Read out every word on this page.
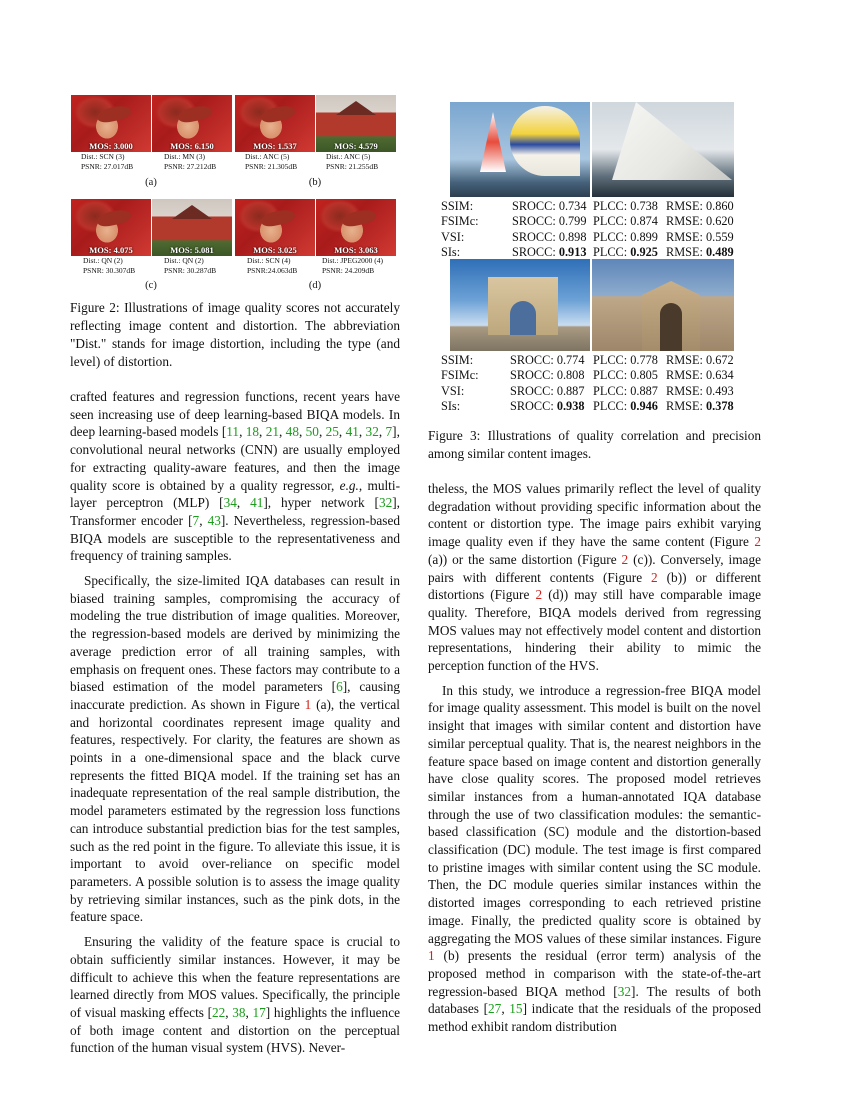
MOS: 3.000
Dist.: SCN (3)
PSNR: 27.017dB
MOS: 6.150
Dist.: MN (3)
PSNR: 27.212dB
MOS: 1.537
Dist.: ANC (5)
PSNR: 21.305dB
MOS: 4.579
Dist.: ANC (5)
PSNR: 21.255dB
(a)	(b)
MOS: 4.075
Dist.: QN (2)
PSNR: 30.307dB
MOS: 5.081
Dist.: QN (2)
PSNR: 30.287dB
MOS: 3.025
Dist.: SCN (4)
PSNR:24.063dB
MOS: 3.063
Dist.: JPEG2000 (4)
PSNR: 24.209dB
(c)	(d)
Figure 2: Illustrations of image quality scores not accurately reflecting image content and distortion. The abbreviation "Dist." stands for image distortion, including the type (and level) of distortion.

crafted features and regression functions, recent years have seen increasing use of deep learning-based BIQA models. In deep learning-based models [11, 18, 21, 48, 50, 25, 41, 32, 7], convolutional neural networks (CNN) are usually employed for extracting quality-aware features, and then the image quality score is obtained by a quality regressor, e.g., multi-layer perceptron (MLP) [34, 41], hyper network [32], Transformer encoder [7, 43]. Nevertheless, regression-based BIQA models are susceptible to the representativeness and frequency of training samples.

Specifically, the size-limited IQA databases can result in biased training samples, compromising the accuracy of modeling the true distribution of image qualities. Moreover, the regression-based models are derived by minimizing the average prediction error of all training samples, with emphasis on frequent ones. These factors may contribute to a biased estimation of the model parameters [6], causing inaccurate prediction. As shown in Figure 1 (a), the vertical and horizontal coordinates represent image quality and features, respectively. For clarity, the features are shown as points in a one-dimensional space and the black curve represents the fitted BIQA model. If the training set has an inadequate representation of the real sample distribution, the model parameters estimated by the regression loss functions can introduce substantial prediction bias for the test samples, such as the red point in the figure. To alleviate this issue, it is important to avoid over-reliance on specific model parameters. A possible solution is to assess the image quality by retrieving similar instances, such as the pink dots, in the feature space.

Ensuring the validity of the feature space is crucial to obtain sufficiently similar instances. However, it may be difficult to achieve this when the feature representations are learned directly from MOS values. Specifically, the principle of visual masking effects [22, 38, 17] highlights the influence of both image content and distortion on the perceptual function of the human visual system (HVS). Never-

SSIM:	SROCC: 0.734 PLCC: 0.738 RMSE: 0.860
FSIMc:	SROCC: 0.799 PLCC: 0.874 RMSE: 0.620
VSI:	SROCC: 0.898 PLCC: 0.899 RMSE: 0.559
SIs:	SROCC: 0.913 PLCC: 0.925 RMSE: 0.489
SSIM:	SROCC: 0.774 PLCC: 0.778 RMSE: 0.672
FSIMc:	SROCC: 0.808 PLCC: 0.805 RMSE: 0.634
VSI:	SROCC: 0.887 PLCC: 0.887 RMSE: 0.493
SIs:	SROCC: 0.938 PLCC: 0.946 RMSE: 0.378
Figure 3: Illustrations of quality correlation and precision among similar content images.

theless, the MOS values primarily reflect the level of quality degradation without providing specific information about the content or distortion type. The image pairs exhibit varying image quality even if they have the same content (Figure 2 (a)) or the same distortion (Figure 2 (c)). Conversely, image pairs with different contents (Figure 2 (b)) or different distortions (Figure 2 (d)) may still have comparable image quality. Therefore, BIQA models derived from regressing MOS values may not effectively model content and distortion representations, hindering their ability to mimic the perception function of the HVS.

In this study, we introduce a regression-free BIQA model for image quality assessment. This model is built on the novel insight that images with similar content and distortion have similar perceptual quality. That is, the nearest neighbors in the feature space based on image content and distortion generally have close quality scores. The proposed model retrieves similar instances from a human-annotated IQA database through the use of two classification modules: the semantic-based classification (SC) module and the distortion-based classification (DC) module. The test image is first compared to pristine images with similar content using the SC module. Then, the DC module queries similar instances within the distorted images corresponding to each retrieved pristine image. Finally, the predicted quality score is obtained by aggregating the MOS values of these similar instances. Figure 1 (b) presents the residual (error term) analysis of the proposed method in comparison with the state-of-the-art regression-based BIQA method [32]. The results of both databases [27, 15] indicate that the residuals of the proposed method exhibit random distribution
